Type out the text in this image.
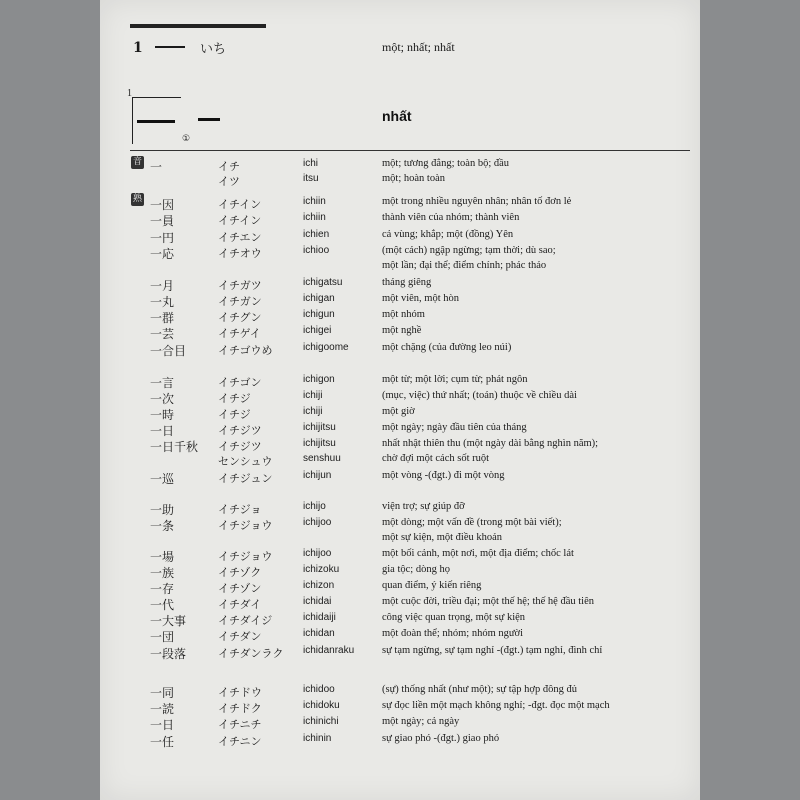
1	いち	một; nhất; nhất
1
①
nhất
音
熟
一	イチ	ichi	một; tương đẳng; toàn bộ; đầu
イツ	itsu	một; hoàn toàn
一因	イチイン	ichiin	một trong nhiều nguyên nhân; nhân tố đơn lẻ
一員	イチイン	ichiin	thành viên của nhóm; thành viên
一円	イチエン	ichien	cả vùng; khắp; một (đồng) Yên
一応	イチオウ	ichioo	(một cách) ngập ngừng; tạm thời; dù sao;
một lần; đại thể; điểm chính; phác thảo
一月	イチガツ	ichigatsu	tháng giêng
一丸	イチガン	ichigan	một viên, một hòn
一群	イチグン	ichigun	một nhóm
一芸	イチゲイ	ichigei	một nghề
一合目	イチゴウめ	ichigoome	một chặng (của đường leo núi)
一言	イチゴン	ichigon	một từ; một lời; cụm từ; phát ngôn
一次	イチジ	ichiji	(mục, việc) thứ nhất; (toán) thuộc về chiều dài
一時	イチジ	ichiji	một giờ
一日	イチジツ	ichijitsu	một ngày; ngày đầu tiên của tháng
一日千秋 イチジツ	ichijitsu	nhất nhật thiên thu (một ngày dài bằng nghìn năm);
センシュウ	senshuu	chờ đợi một cách sốt ruột
一巡	イチジュン	ichijun	một vòng -(đgt.) đi một vòng
一助	イチジョ	ichijo	viện trợ; sự giúp đỡ
一条	イチジョウ	ichijoo	một dòng; một vấn đề (trong một bài viết);
một sự kiện, một điều khoản
一場	イチジョウ	ichijoo	một bối cảnh, một nơi, một địa điểm; chốc lát
一族	イチゾク	ichizoku	gia tộc; dòng họ
一存	イチゾン	ichizon	quan điểm, ý kiến riêng
一代	イチダイ	ichidai	một cuộc đời, triều đại; một thế hệ; thế hệ đầu tiên
一大事	イチダイジ	ichidaiji	công việc quan trọng, một sự kiện
一団	イチダン	ichidan	một đoàn thể; nhóm; nhóm người
一段落	イチダンラク ichidanraku	sự tạm ngừng, sự tạm nghỉ -(đgt.) tạm nghỉ, đình chỉ
一同	イチドウ	ichidoo	(sự) thống nhất (như một); sự tập hợp đông đủ
一読	イチドク	ichidoku	sự đọc liền một mạch không nghỉ; -đgt. đọc một mạch
一日	イチニチ	ichinichi	một ngày; cả ngày
一任	イチニン	ichinin	sự giao phó -(đgt.) giao phó
